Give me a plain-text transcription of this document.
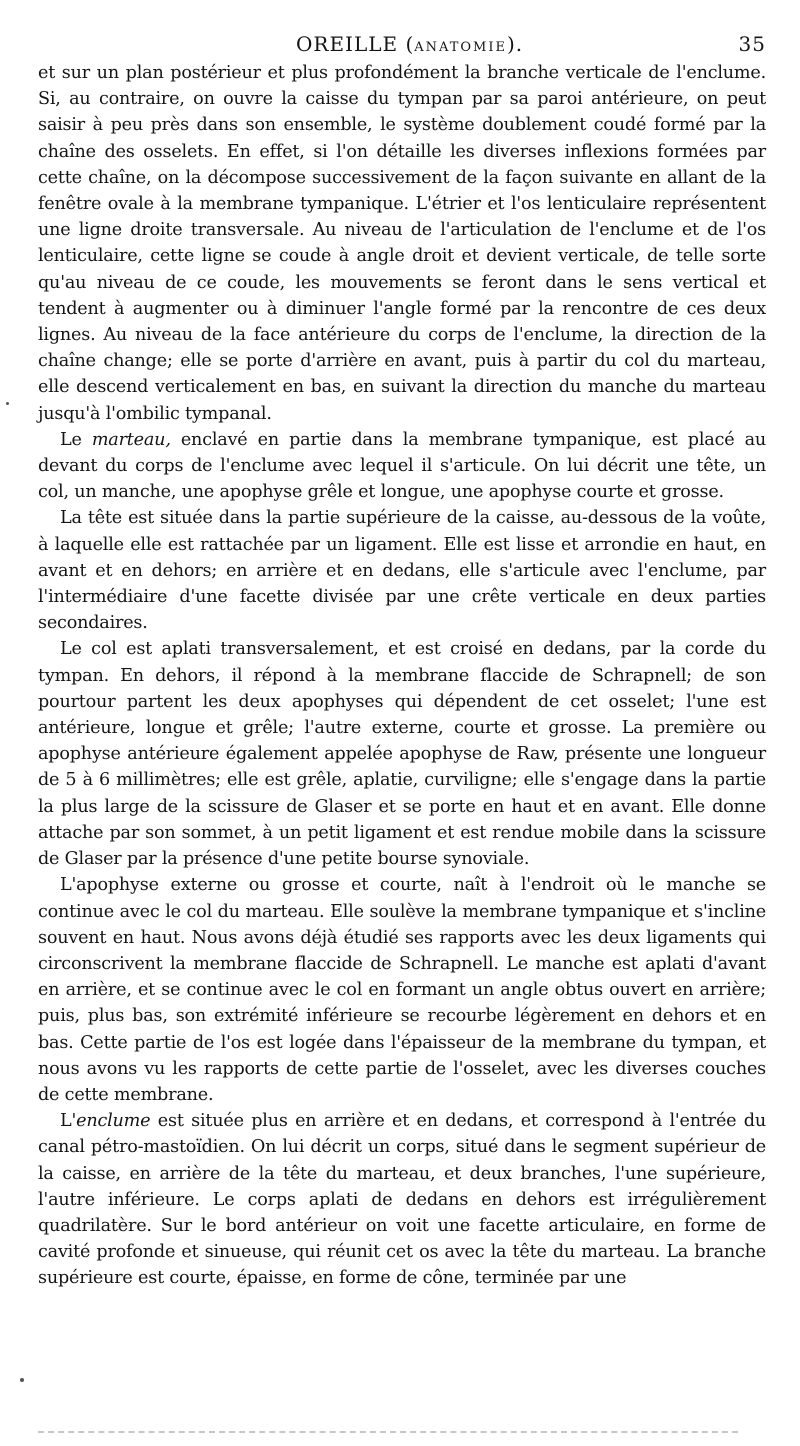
OREILLE (ANATOMIE).	35

et sur un plan postérieur et plus profondément la branche verticale de l'enclume. Si, au contraire, on ouvre la caisse du tympan par sa paroi antérieure, on peut saisir à peu près dans son ensemble, le système doublement coudé formé par la chaîne des osselets. En effet, si l'on détaille les diverses inflexions formées par cette chaîne, on la décompose successivement de la façon suivante en allant de la fenêtre ovale à la membrane tympanique. L'étrier et l'os lenticulaire représentent une ligne droite transversale. Au niveau de l'articulation de l'enclume et de l'os lenticulaire, cette ligne se coude à angle droit et devient verticale, de telle sorte qu'au niveau de ce coude, les mouvements se feront dans le sens vertical et tendent à augmenter ou à diminuer l'angle formé par la rencontre de ces deux lignes. Au niveau de la face antérieure du corps de l'enclume, la direction de la chaîne change; elle se porte d'arrière en avant, puis à partir du col du marteau, elle descend verticalement en bas, en suivant la direction du manche du marteau jusqu'à l'ombilic tympanal.

Le marteau, enclavé en partie dans la membrane tympanique, est placé au devant du corps de l'enclume avec lequel il s'articule. On lui décrit une tête, un col, un manche, une apophyse grêle et longue, une apophyse courte et grosse.

La tête est située dans la partie supérieure de la caisse, au-dessous de la voûte, à laquelle elle est rattachée par un ligament. Elle est lisse et arrondie en haut, en avant et en dehors; en arrière et en dedans, elle s'articule avec l'enclume, par l'intermédiaire d'une facette divisée par une crête verticale en deux parties secondaires.

Le col est aplati transversalement, et est croisé en dedans, par la corde du tympan. En dehors, il répond à la membrane flaccide de Schrapnell; de son pourtour partent les deux apophyses qui dépendent de cet osselet; l'une est antérieure, longue et grêle; l'autre externe, courte et grosse. La première ou apophyse antérieure également appelée apophyse de Raw, présente une longueur de 5 à 6 millimètres; elle est grêle, aplatie, curviligne; elle s'engage dans la partie la plus large de la scissure de Glaser et se porte en haut et en avant. Elle donne attache par son sommet, à un petit ligament et est rendue mobile dans la scissure de Glaser par la présence d'une petite bourse synoviale.

L'apophyse externe ou grosse et courte, naît à l'endroit où le manche se continue avec le col du marteau. Elle soulève la membrane tympanique et s'incline souvent en haut. Nous avons déjà étudié ses rapports avec les deux ligaments qui circonscrivent la membrane flaccide de Schrapnell. Le manche est aplati d'avant en arrière, et se continue avec le col en formant un angle obtus ouvert en arrière; puis, plus bas, son extrémité inférieure se recourbe légèrement en dehors et en bas. Cette partie de l'os est logée dans l'épaisseur de la membrane du tympan, et nous avons vu les rapports de cette partie de l'osselet, avec les diverses couches de cette membrane.

L'enclume est située plus en arrière et en dedans, et correspond à l'entrée du canal pétro-mastoïdien. On lui décrit un corps, situé dans le segment supérieur de la caisse, en arrière de la tête du marteau, et deux branches, l'une supérieure, l'autre inférieure. Le corps aplati de dedans en dehors est irrégulièrement quadrilatère. Sur le bord antérieur on voit une facette articulaire, en forme de cavité profonde et sinueuse, qui réunit cet os avec la tête du marteau. La branche supérieure est courte, épaisse, en forme de cône, terminée par une
